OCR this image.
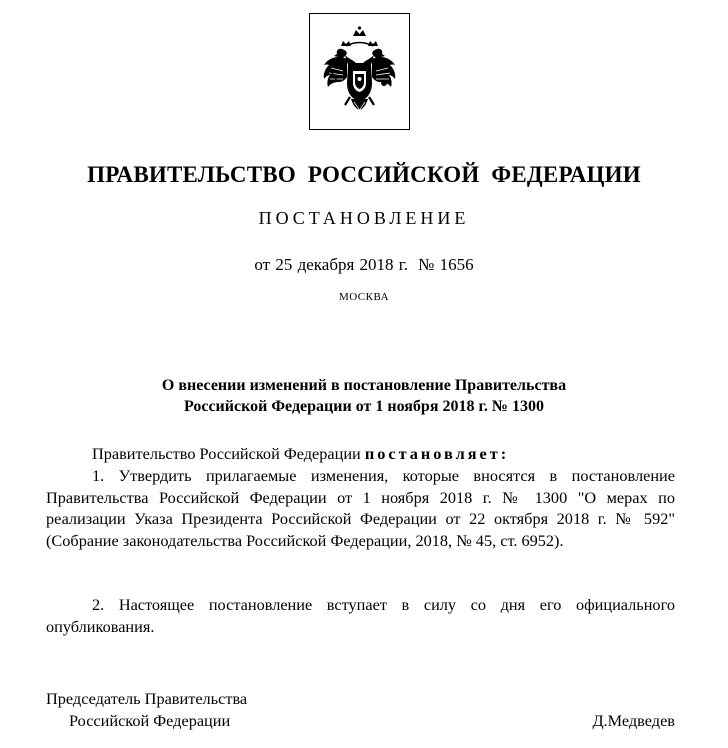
ПРАВИТЕЛЬСТВО РОССИЙСКОЙ ФЕДЕРАЦИИ
ПОСТАНОВЛЕНИЕ
от 25 декабря 2018 г. № 1656
МОСКВА
О внесении изменений в постановление Правительства
Российской Федерации от 1 ноября 2018 г. № 1300
Правительство Российской Федерации постановляет:
1. Утвердить прилагаемые изменения, которые вносятся в постановление Правительства Российской Федерации от 1 ноября 2018 г. № 1300 "О мерах по реализации Указа Президента Российской Федерации от 22 октября 2018 г. № 592" (Собрание законодательства Российской Федерации, 2018, № 45, ст. 6952).
2. Настоящее постановление вступает в силу со дня его официального опубликования.
Председатель Правительства
Российской Федерации	Д.Медведев
